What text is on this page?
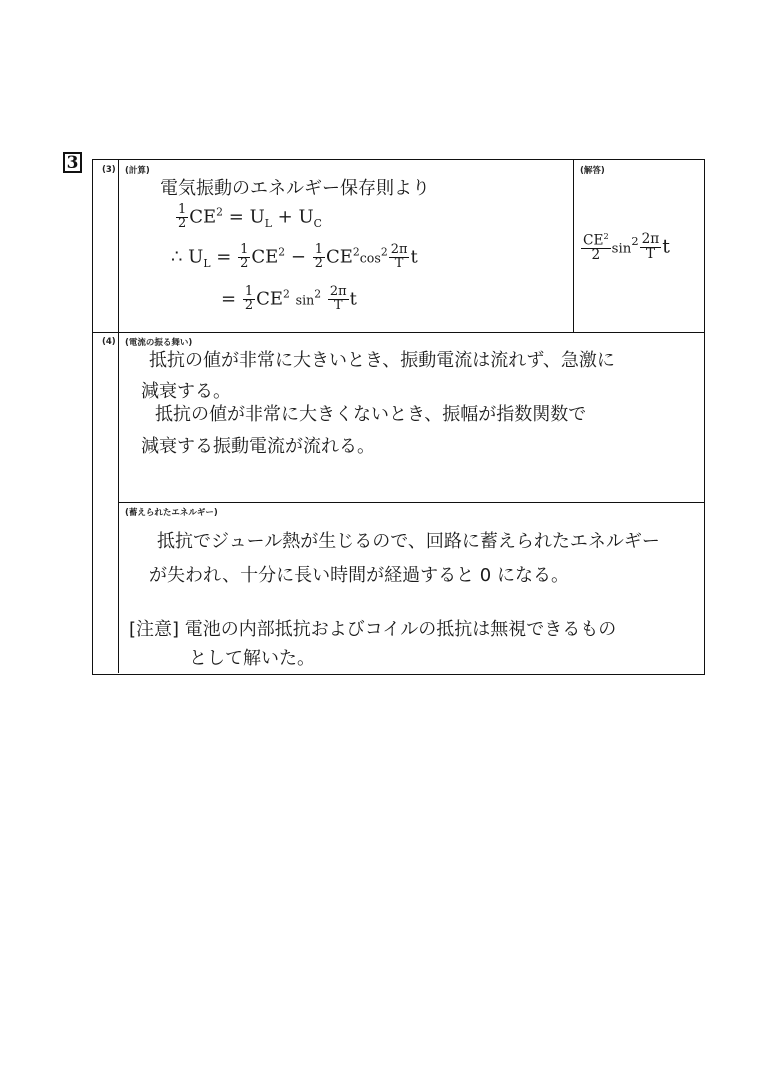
3	(3) (計算)	(解答)
電気振動のエネルギー保存則より
$\frac{1}{2} CE^2 = U_L + U_C$
∴ $U_L = \frac{1}{2} CE^2 - \frac{1}{2} CE^2\cos^2 \frac{2\pi}{T}$ t
= $\frac{1}{2} CE^2$ $\sin^2 \frac{2\pi}{T}$ t
$\frac{CE^2}{2} \sin^2 \frac{2\pi}{T}$ t
(4) (電流の振る舞い)
抵抗の値が非常に大きいとき、振動電流は流れず、急激に
減衰する。
抵抗の値が非常に大きくないとき、振幅が指数関数で
減衰する振動電流が流れる。
(蓄えられたエネルギー)
抵抗でジュール熱が生じるので、回路に蓄えられたエネルギー
が失われ、十分に長い時間が経過すると 0 になる。
[注意] 電池の内部抵抗およびコイルの抵抗は無視できるもの
として解いた。
